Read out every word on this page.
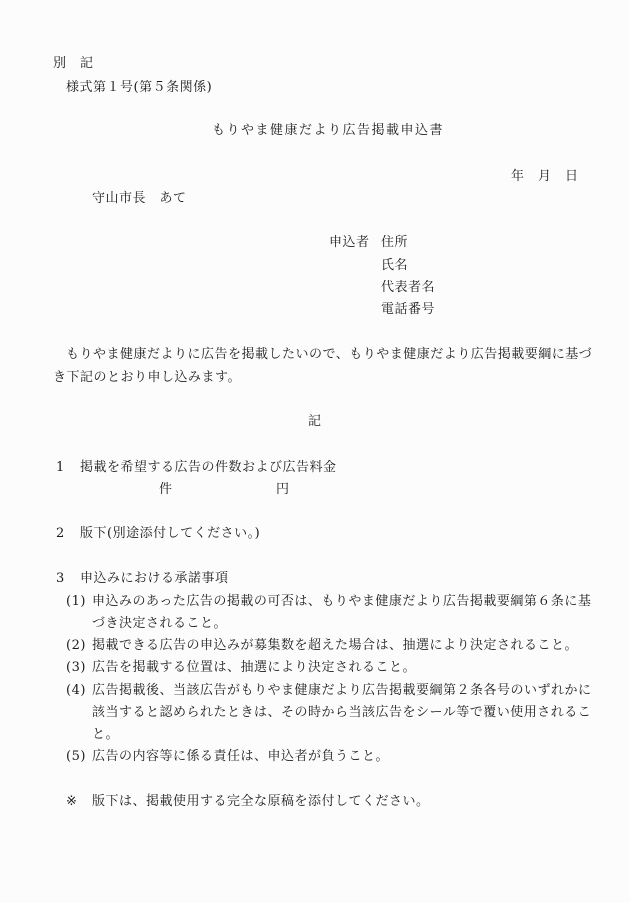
別　記
様式第１号(第５条関係)
もりやま健康だより広告掲載申込書
年 月 日
守山市長　あて
申込者 住所
氏名
代表者名
電話番号
もりやま健康だよりに広告を掲載したいので、もりやま健康だより広告掲載要綱に基づ
き下記のとおり申し込みます。
記
1 掲載を希望する広告の件数および広告料金
件	円
2 版下(別途添付してください。)
3 申込みにおける承諾事項
(1) 申込みのあった広告の掲載の可否は、もりやま健康だより広告掲載要綱第６条に基
づき決定されること。
(2) 掲載できる広告の申込みが募集数を超えた場合は、抽選により決定されること。
(3) 広告を掲載する位置は、抽選により決定されること。
(4) 広告掲載後、当該広告がもりやま健康だより広告掲載要綱第２条各号のいずれかに
該当すると認められたときは、その時から当該広告をシール等で覆い使用されるこ
と。
(5) 広告の内容等に係る責任は、申込者が負うこと。
※ 版下は、掲載使用する完全な原稿を添付してください。
